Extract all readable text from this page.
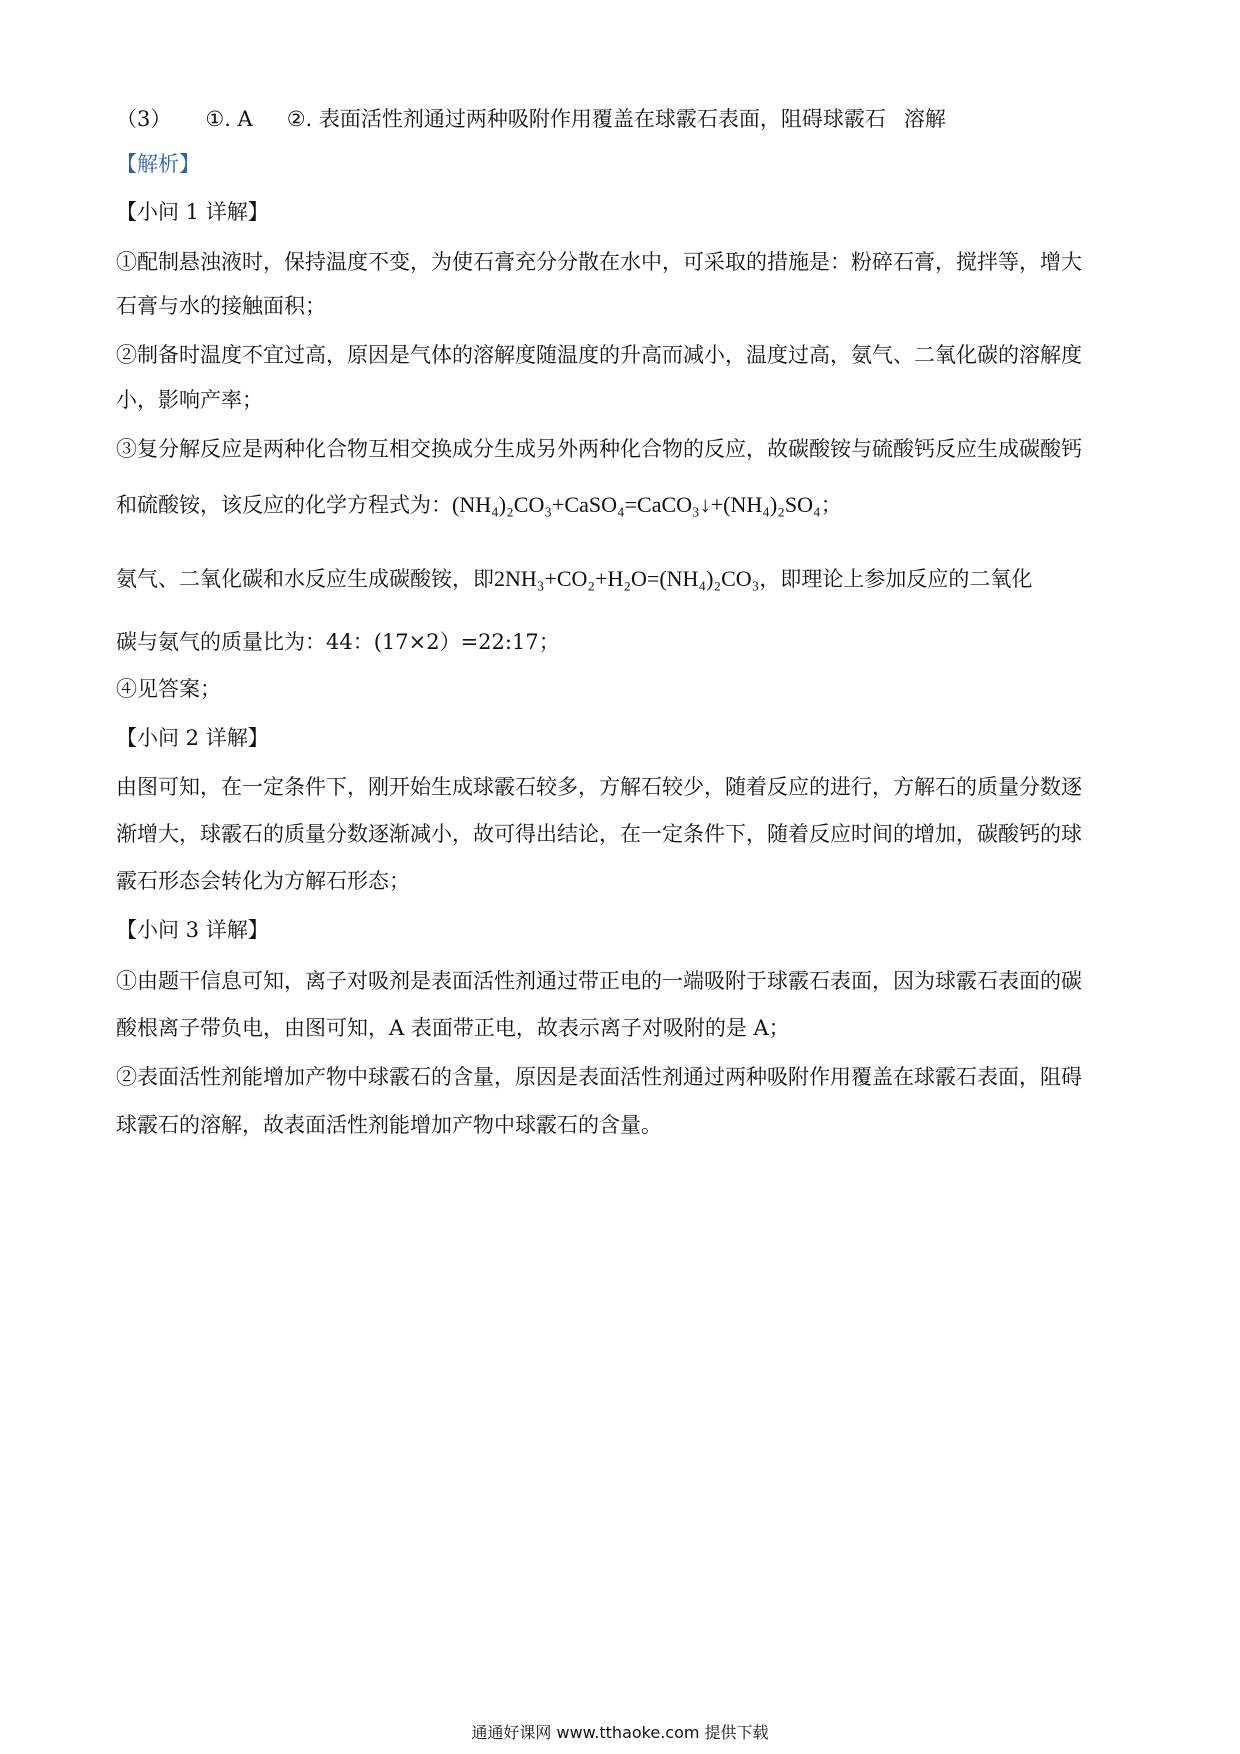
（3） ①. A ②. 表面活性剂通过两种吸附作用覆盖在球霰石表面，阻碍球霰石 溶解
【解析】
【小问 1 详解】
①配制悬浊液时，保持温度不变，为使石膏充分分散在水中，可采取的措施是：粉碎石膏，搅拌等，增大
石膏与水的接触面积；
②制备时温度不宜过高，原因是气体的溶解度随温度的升高而减小，温度过高，氨气、二氧化碳的溶解度
小，影响产率；
③复分解反应是两种化合物互相交换成分生成另外两种化合物的反应，故碳酸铵与硫酸钙反应生成碳酸钙
和硫酸铵，该反应的化学方程式为：(NH₄)₂CO₃+CaSO₄=CaCO₃↓+(NH₄)₂SO₄；
氨气、二氧化碳和水反应生成碳酸铵，即2NH₃+CO₂+H₂O=(NH₄)₂CO₃，即理论上参加反应的二氧化
碳与氨气的质量比为：44：(17×2）=22:17；
④见答案；
【小问 2 详解】
由图可知，在一定条件下，刚开始生成球霰石较多，方解石较少，随着反应的进行，方解石的质量分数逐
渐增大，球霰石的质量分数逐渐减小，故可得出结论，在一定条件下，随着反应时间的增加，碳酸钙的球
霰石形态会转化为方解石形态；
【小问 3 详解】
①由题干信息可知，离子对吸剂是表面活性剂通过带正电的一端吸附于球霰石表面，因为球霰石表面的碳
酸根离子带负电，由图可知，A 表面带正电，故表示离子对吸附的是 A；
②表面活性剂能增加产物中球霰石的含量，原因是表面活性剂通过两种吸附作用覆盖在球霰石表面，阻碍
球霰石的溶解，故表面活性剂能增加产物中球霰石的含量。
通通好课网 www.tthaoke.com 提供下载
